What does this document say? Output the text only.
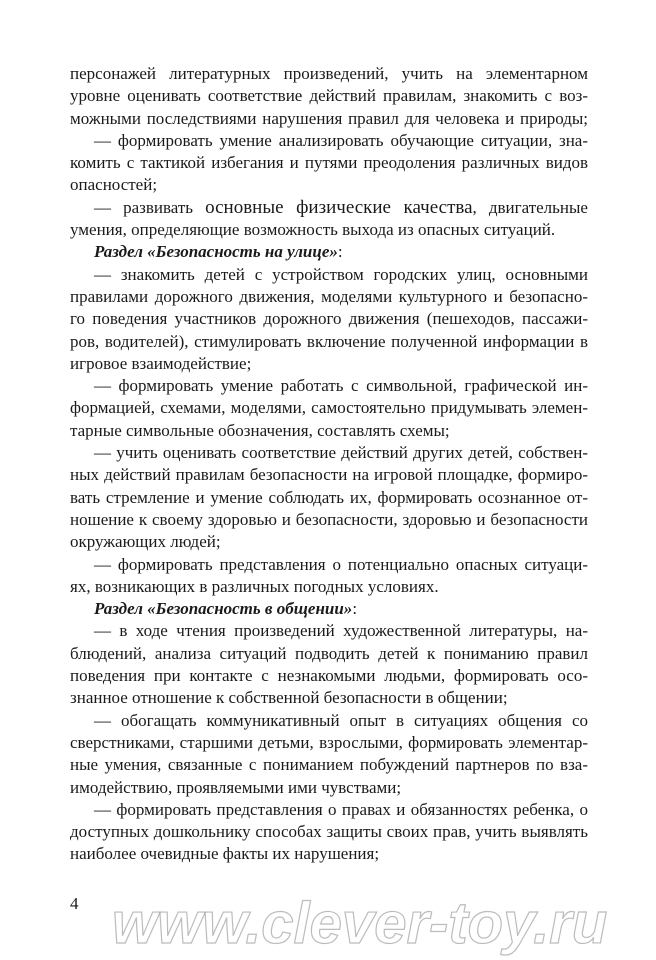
персонажей литературных произведений, учить на элементарном
уровне оценивать соответствие действий правилам, знакомить с воз-
можными последствиями нарушения правил для человека и природы;
— формировать умение анализировать обучающие ситуации, зна-
комить с тактикой избегания и путями преодоления различных видов
опасностей;
— развивать основные физические качества, двигательные
умения, определяющие возможность выхода из опасных ситуаций.
Раздел «Безопасность на улице»:
— знакомить детей с устройством городских улиц, основными
правилами дорожного движения, моделями культурного и безопасно-
го поведения участников дорожного движения (пешеходов, пассажи-
ров, водителей), стимулировать включение полученной информации в
игровое взаимодействие;
— формировать умение работать с символьной, графической ин-
формацией, схемами, моделями, самостоятельно придумывать элемен-
тарные символьные обозначения, составлять схемы;
— учить оценивать соответствие действий других детей, собствен-
ных действий правилам безопасности на игровой площадке, формиро-
вать стремление и умение соблюдать их, формировать осознанное от-
ношение к своему здоровью и безопасности, здоровью и безопасности
окружающих людей;
— формировать представления о потенциально опасных ситуаци-
ях, возникающих в различных погодных условиях.
Раздел «Безопасность в общении»:
— в ходе чтения произведений художественной литературы, на-
блюдений, анализа ситуаций подводить детей к пониманию правил
поведения при контакте с незнакомыми людьми, формировать осо-
знанное отношение к собственной безопасности в общении;
— обогащать коммуникативный опыт в ситуациях общения со
сверстниками, старшими детьми, взрослыми, формировать элементар-
ные умения, связанные с пониманием побуждений партнеров по вза-
имодействию, проявляемыми ими чувствами;
— формировать представления о правах и обязанностях ребенка, о
доступных дошкольнику способах защиты своих прав, учить выявлять
наиболее очевидные факты их нарушения;
www.clever-toy.ru
4
